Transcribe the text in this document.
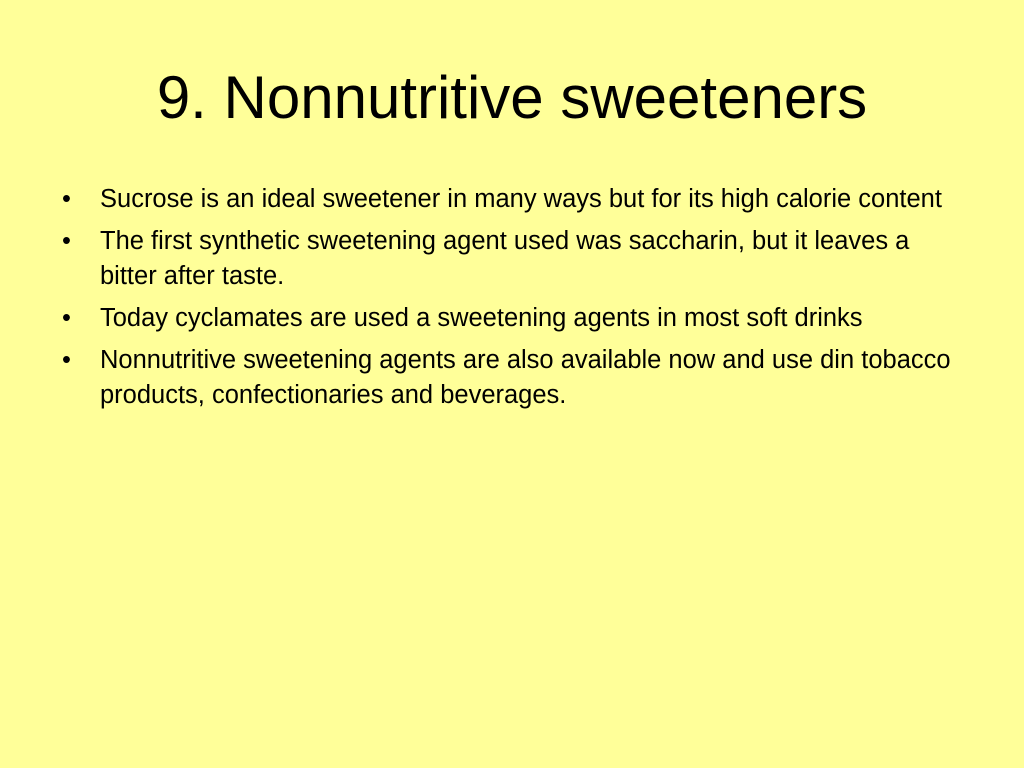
9. Nonnutritive sweeteners
•	Sucrose is an ideal sweetener in many ways but for its high calorie content
•	The first synthetic sweetening agent used was saccharin, but it leaves a bitter after taste.
•	Today cyclamates are used a sweetening agents in most soft drinks
•	Nonnutritive sweetening agents are also available now and use din tobacco products, confectionaries and beverages.
